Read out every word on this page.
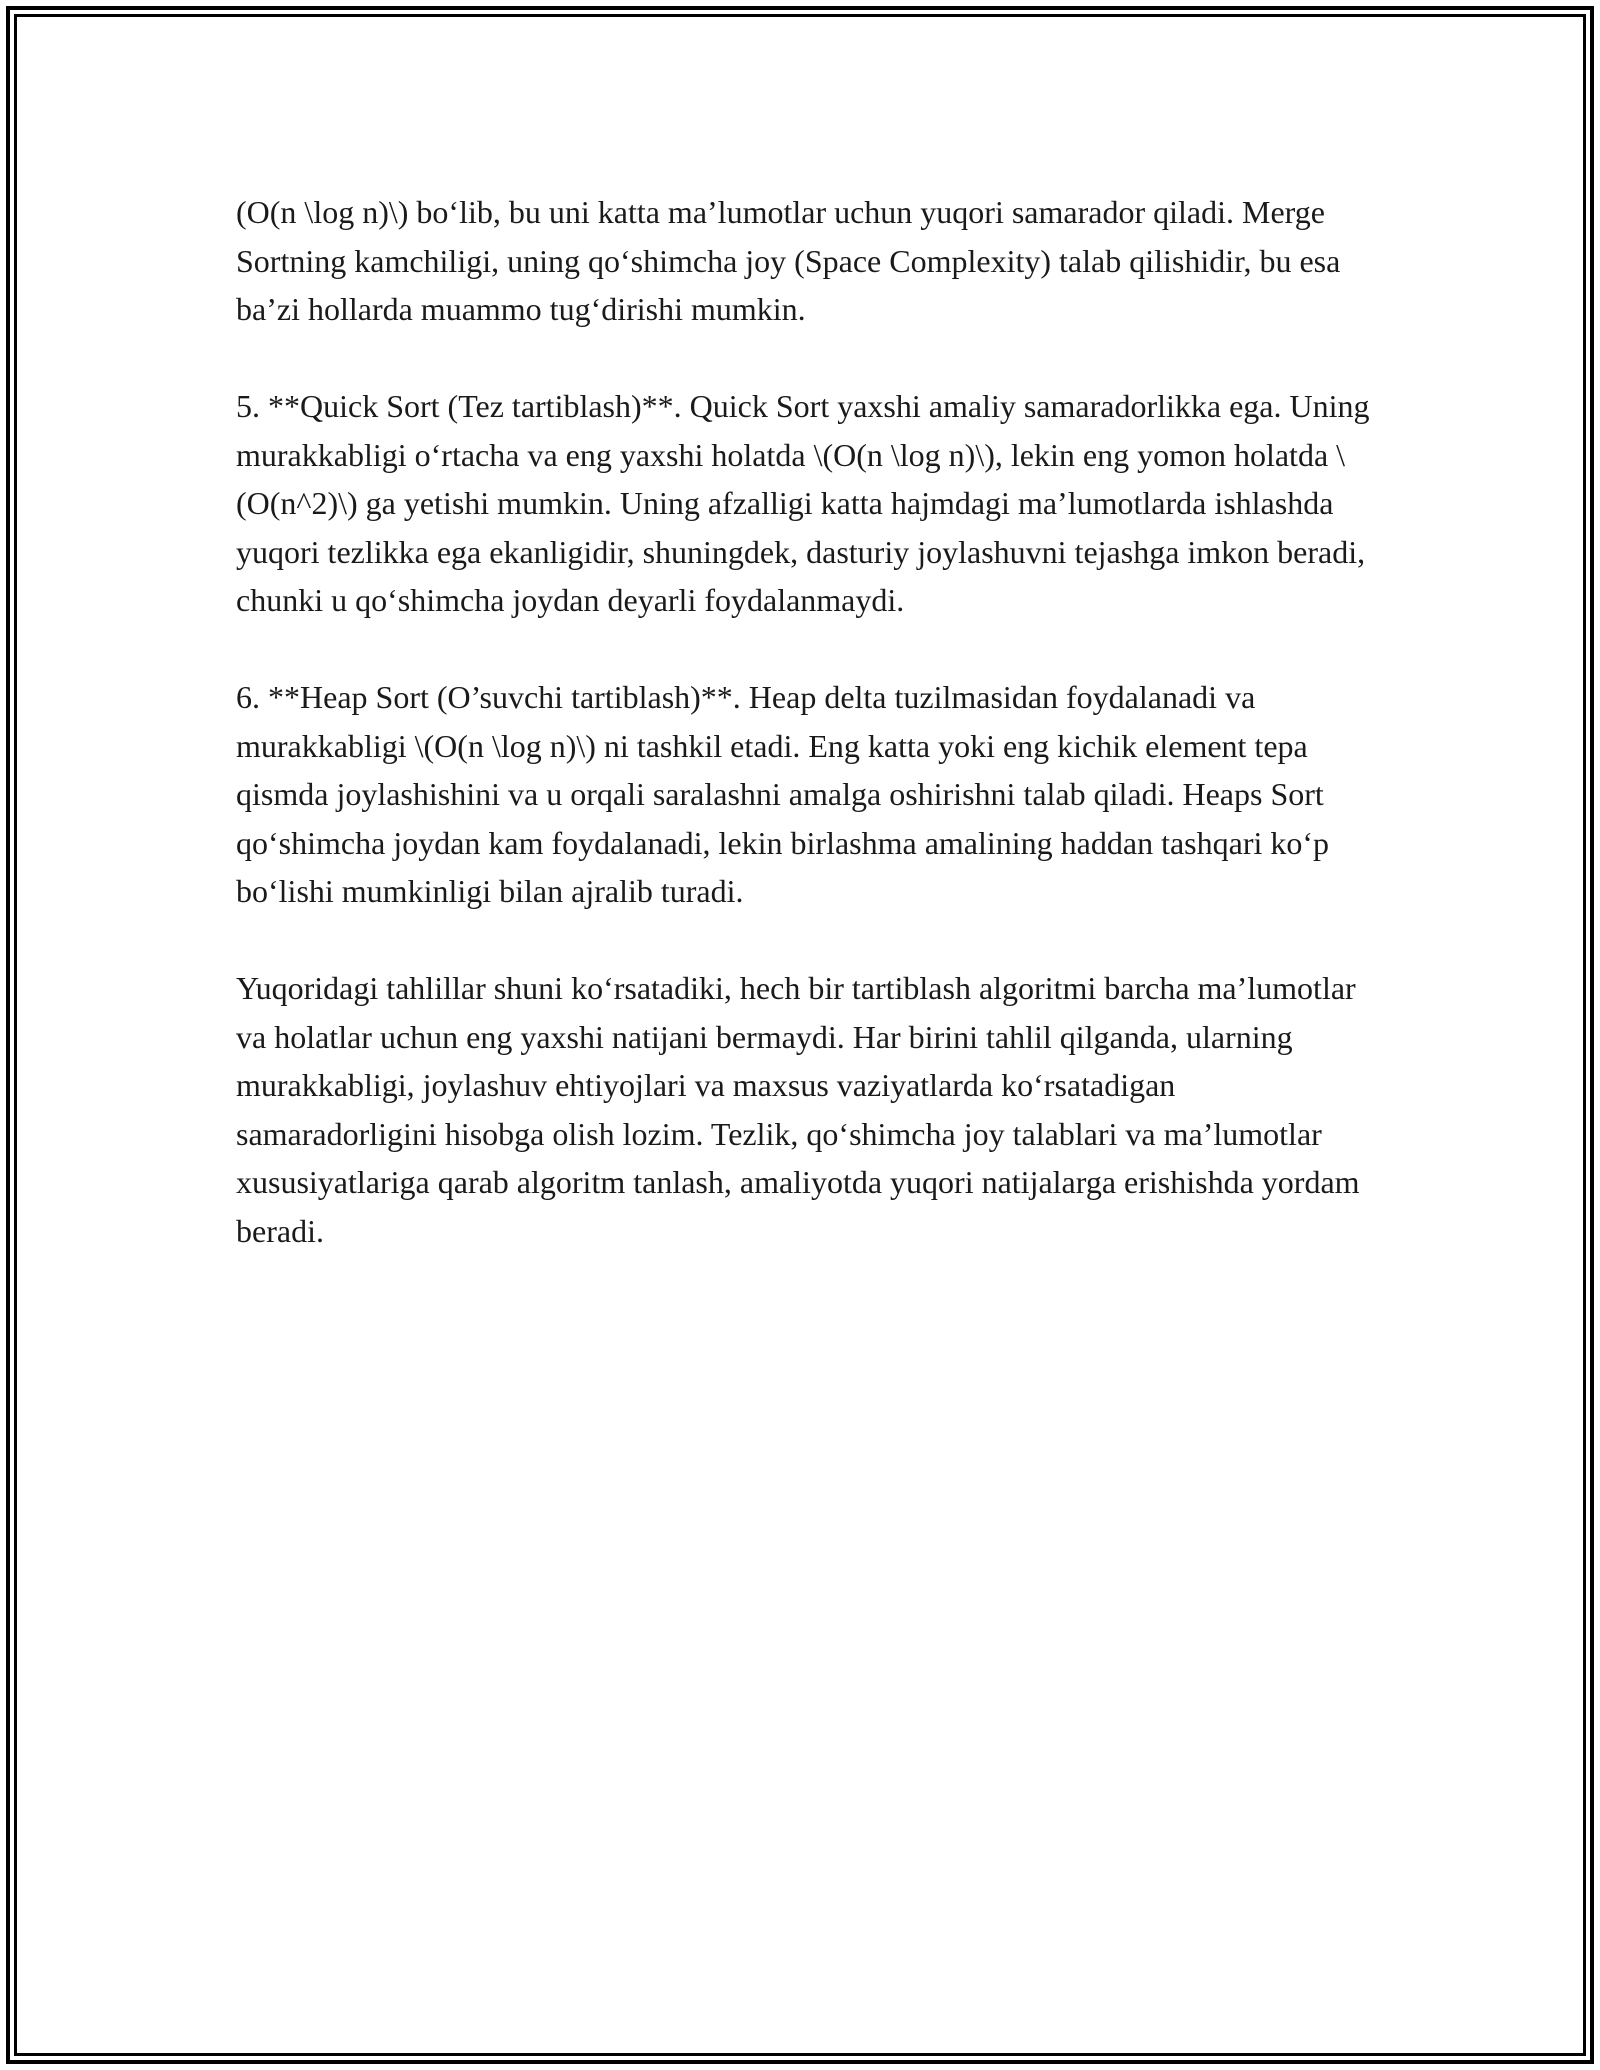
(O(n \log n)\) bo‘lib, bu uni katta ma’lumotlar uchun yuqori samarador qiladi. Merge Sortning kamchiligi, uning qo‘shimcha joy (Space Complexity) talab qilishidir, bu esa ba’zi hollarda muammo tug‘dirishi mumkin.

5. **Quick Sort (Tez tartiblash)**. Quick Sort yaxshi amaliy samaradorlikka ega. Uning murakkabligi o‘rtacha va eng yaxshi holatda \(O(n \log n)\), lekin eng yomon holatda \(O(n^2)\) ga yetishi mumkin. Uning afzalligi katta hajmdagi ma’lumotlarda ishlashda yuqori tezlikka ega ekanligidir, shuningdek, dasturiy joylashuvni tejashga imkon beradi, chunki u qo‘shimcha joydan deyarli foydalanmaydi.

6. **Heap Sort (O’suvchi tartiblash)**. Heap delta tuzilmasidan foydalanadi va murakkabligi \(O(n \log n)\) ni tashkil etadi. Eng katta yoki eng kichik element tepa qismda joylashishini va u orqali saralashni amalga oshirishni talab qiladi. Heaps Sort qo‘shimcha joydan kam foydalanadi, lekin birlashma amalining haddan tashqari ko‘p bo‘lishi mumkinligi bilan ajralib turadi.

Yuqoridagi tahlillar shuni ko‘rsatadiki, hech bir tartiblash algoritmi barcha ma’lumotlar va holatlar uchun eng yaxshi natijani bermaydi. Har birini tahlil qilganda, ularning murakkabligi, joylashuv ehtiyojlari va maxsus vaziyatlarda ko‘rsatadigan samaradorligini hisobga olish lozim. Tezlik, qo‘shimcha joy talablari va ma’lumotlar xususiyatlariga qarab algoritm tanlash, amaliyotda yuqori natijalarga erishishda yordam beradi.
